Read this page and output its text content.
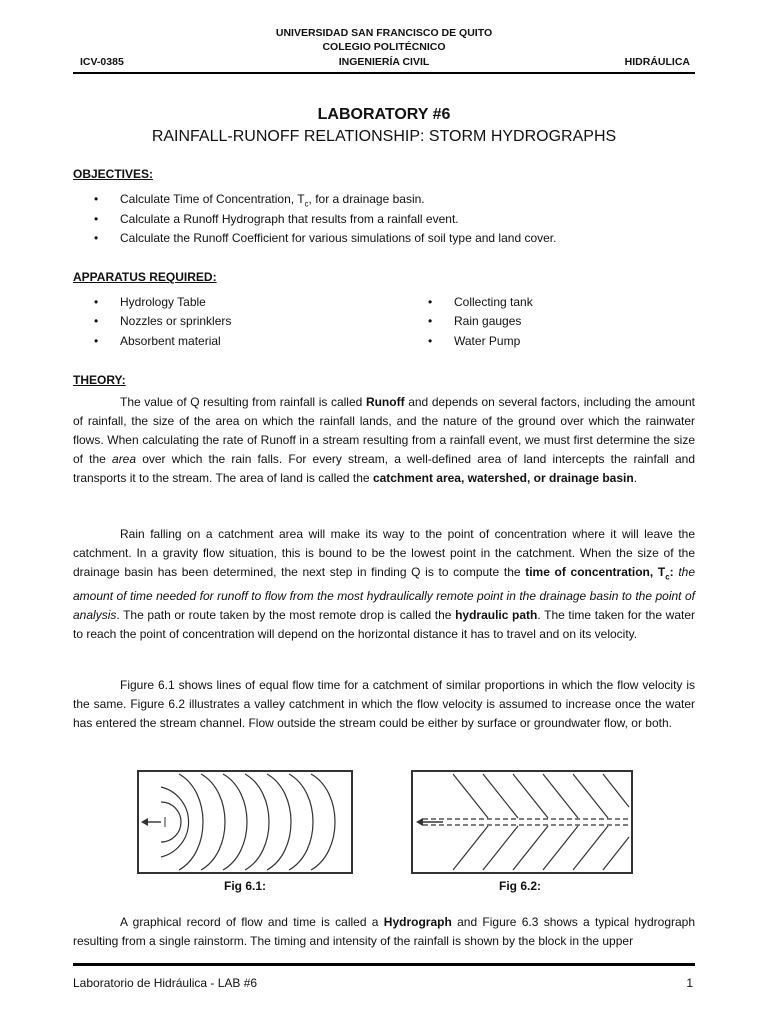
UNIVERSIDAD SAN FRANCISCO DE QUITO
COLEGIO POLITÉCNICO
INGENIERÍA CIVIL
ICV-0385	HIDRÁULICA
LABORATORY #6
RAINFALL-RUNOFF RELATIONSHIP: STORM HYDROGRAPHS
OBJECTIVES:
• Calculate Time of Concentration, $T_c$, for a drainage basin.
• Calculate a Runoff Hydrograph that results from a rainfall event.
• Calculate the Runoff Coefficient for various simulations of soil type and land cover.
APPARATUS REQUIRED:
• Hydrology Table
• Nozzles or sprinklers
• Absorbent material
• Collecting tank
• Rain gauges
• Water Pump
THEORY:
The value of Q resulting from rainfall is called Runoff and depends on several factors, including the amount of rainfall, the size of the area on which the rainfall lands, and the nature of the ground over which the rainwater flows. When calculating the rate of Runoff in a stream resulting from a rainfall event, we must first determine the size of the area over which the rain falls. For every stream, a well-defined area of land intercepts the rainfall and transports it to the stream. The area of land is called the catchment area, watershed, or drainage basin.
Rain falling on a catchment area will make its way to the point of concentration where it will leave the catchment. In a gravity flow situation, this is bound to be the lowest point in the catchment. When the size of the drainage basin has been determined, the next step in finding Q is to compute the time of concentration, $T_c$: the amount of time needed for runoff to flow from the most hydraulically remote point in the drainage basin to the point of analysis. The path or route taken by the most remote drop is called the hydraulic path. The time taken for the water to reach the point of concentration will depend on the horizontal distance it has to travel and on its velocity.
Figure 6.1 shows lines of equal flow time for a catchment of similar proportions in which the flow velocity is the same. Figure 6.2 illustrates a valley catchment in which the flow velocity is assumed to increase once the water has entered the stream channel. Flow outside the stream could be either by surface or groundwater flow, or both.
Fig 6.1:	Fig 6.2:
A graphical record of flow and time is called a Hydrograph and Figure 6.3 shows a typical hydrograph resulting from a single rainstorm. The timing and intensity of the rainfall is shown by the block in the upper
Laboratorio de Hidráulica - LAB #6	1
